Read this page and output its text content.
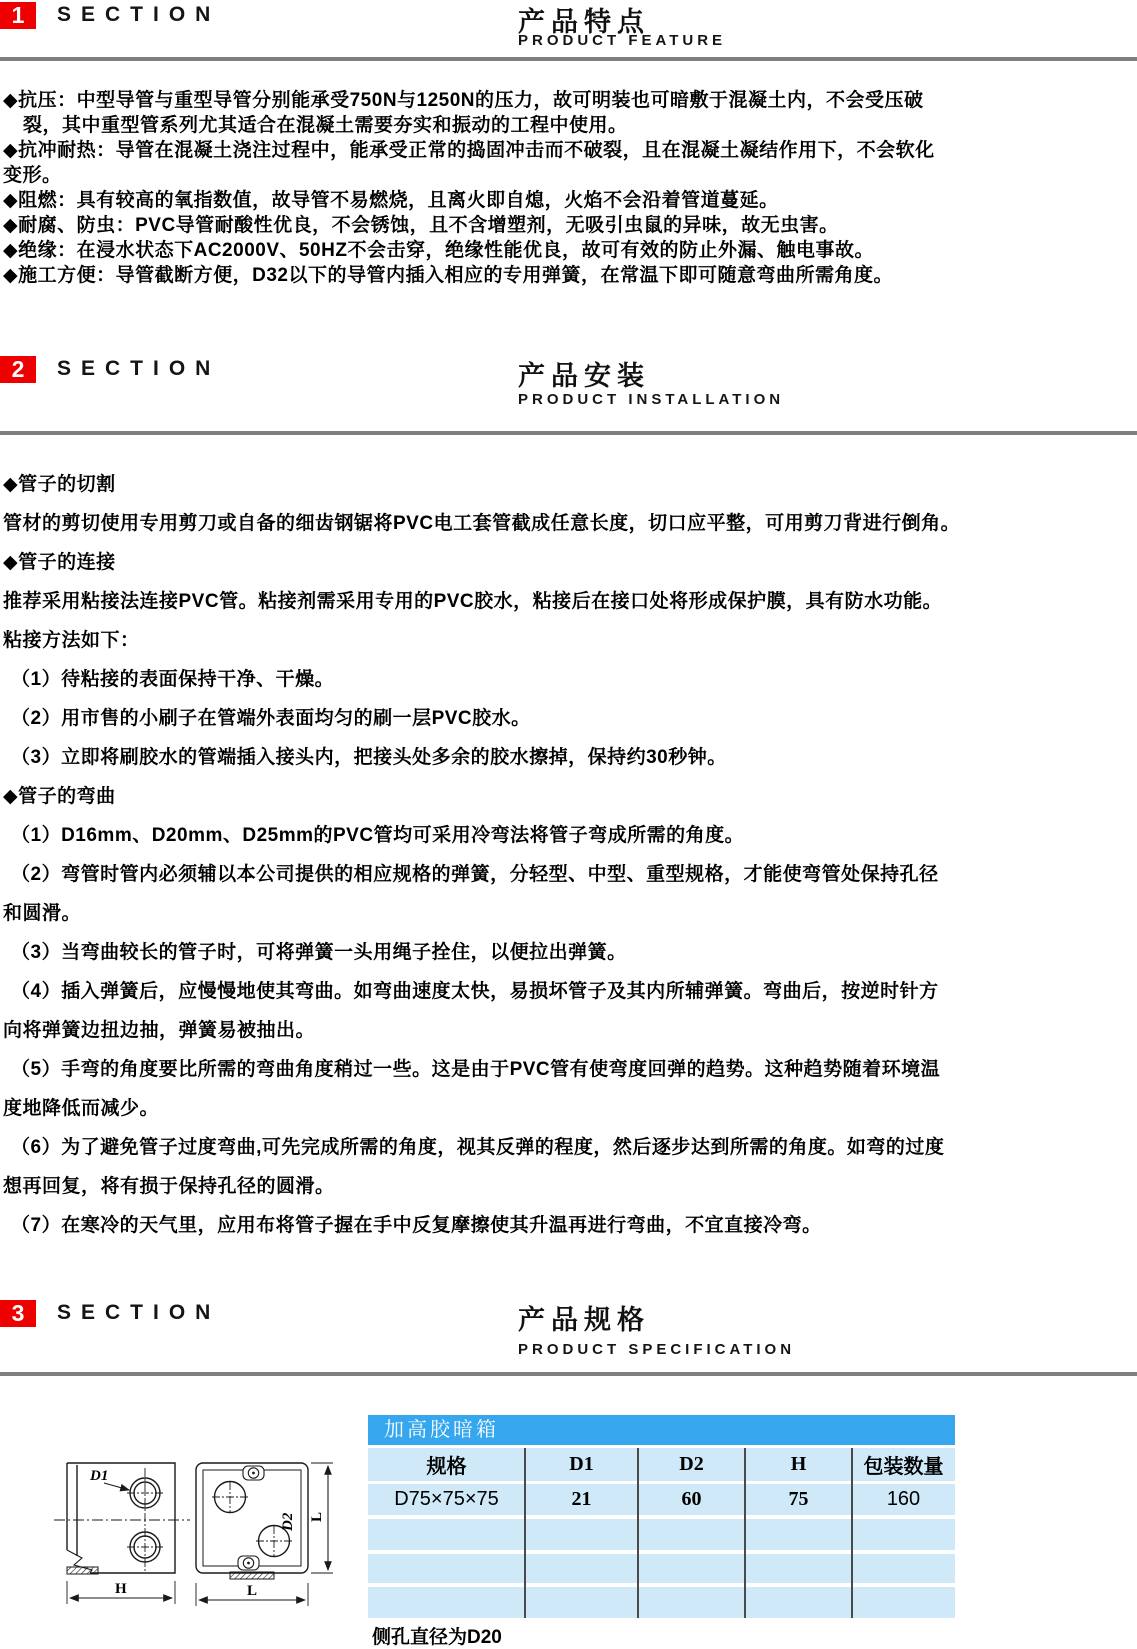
1	SECTION	产品特点
PRODUCT FEATURE
◆抗压：中型导管与重型导管分别能承受750N与1250N的压力，故可明装也可暗敷于混凝土内，不会受压破
裂，其中重型管系列尤其适合在混凝土需要夯实和振动的工程中使用。
◆抗冲耐热：导管在混凝土浇注过程中，能承受正常的捣固冲击而不破裂，且在混凝土凝结作用下，不会软化
变形。
◆阻燃：具有较高的氧指数值，故导管不易燃烧，且离火即自熄，火焰不会沿着管道蔓延。
◆耐腐、防虫：PVC导管耐酸性优良，不会锈蚀，且不含增塑剂，无吸引虫鼠的异味，故无虫害。
◆绝缘：在浸水状态下AC2000V、50HZ不会击穿，绝缘性能优良，故可有效的防止外漏、触电事故。
◆施工方便：导管截断方便，D32以下的导管内插入相应的专用弹簧，在常温下即可随意弯曲所需角度。
2	SECTION	产品安装
PRODUCT INSTALLATION
◆管子的切割
管材的剪切使用专用剪刀或自备的细齿钢锯将PVC电工套管截成任意长度，切口应平整，可用剪刀背进行倒角。
◆管子的连接
推荐采用粘接法连接PVC管。粘接剂需采用专用的PVC胶水，粘接后在接口处将形成保护膜，具有防水功能。
粘接方法如下：
（1）待粘接的表面保持干净、干燥。
（2）用市售的小刷子在管端外表面均匀的刷一层PVC胶水。
（3）立即将刷胶水的管端插入接头内，把接头处多余的胶水擦掉，保持约30秒钟。
◆管子的弯曲
（1）D16mm、D20mm、D25mm的PVC管均可采用冷弯法将管子弯成所需的角度。
（2）弯管时管内必须辅以本公司提供的相应规格的弹簧，分轻型、中型、重型规格，才能使弯管处保持孔径
和圆滑。
（3）当弯曲较长的管子时，可将弹簧一头用绳子拴住，以便拉出弹簧。
（4）插入弹簧后，应慢慢地使其弯曲。如弯曲速度太快，易损坏管子及其内所辅弹簧。弯曲后，按逆时针方
向将弹簧边扭边抽，弹簧易被抽出。
（5）手弯的角度要比所需的弯曲角度稍过一些。这是由于PVC管有使弯度回弹的趋势。这种趋势随着环境温
度地降低而减少。
（6）为了避免管子过度弯曲,可先完成所需的角度，视其反弹的程度，然后逐步达到所需的角度。如弯的过度
想再回复，将有损于保持孔径的圆滑。
（7）在寒冷的天气里，应用布将管子握在手中反复摩擦使其升温再进行弯曲，不宜直接冷弯。
3	SECTION	产品规格
PRODUCT SPECIFICATION
D1
H
D2 L
L
加高胶暗箱
规格	D1	D2	H	包装数量
D75×75×75	21	60	75	160
侧孔直径为D20
